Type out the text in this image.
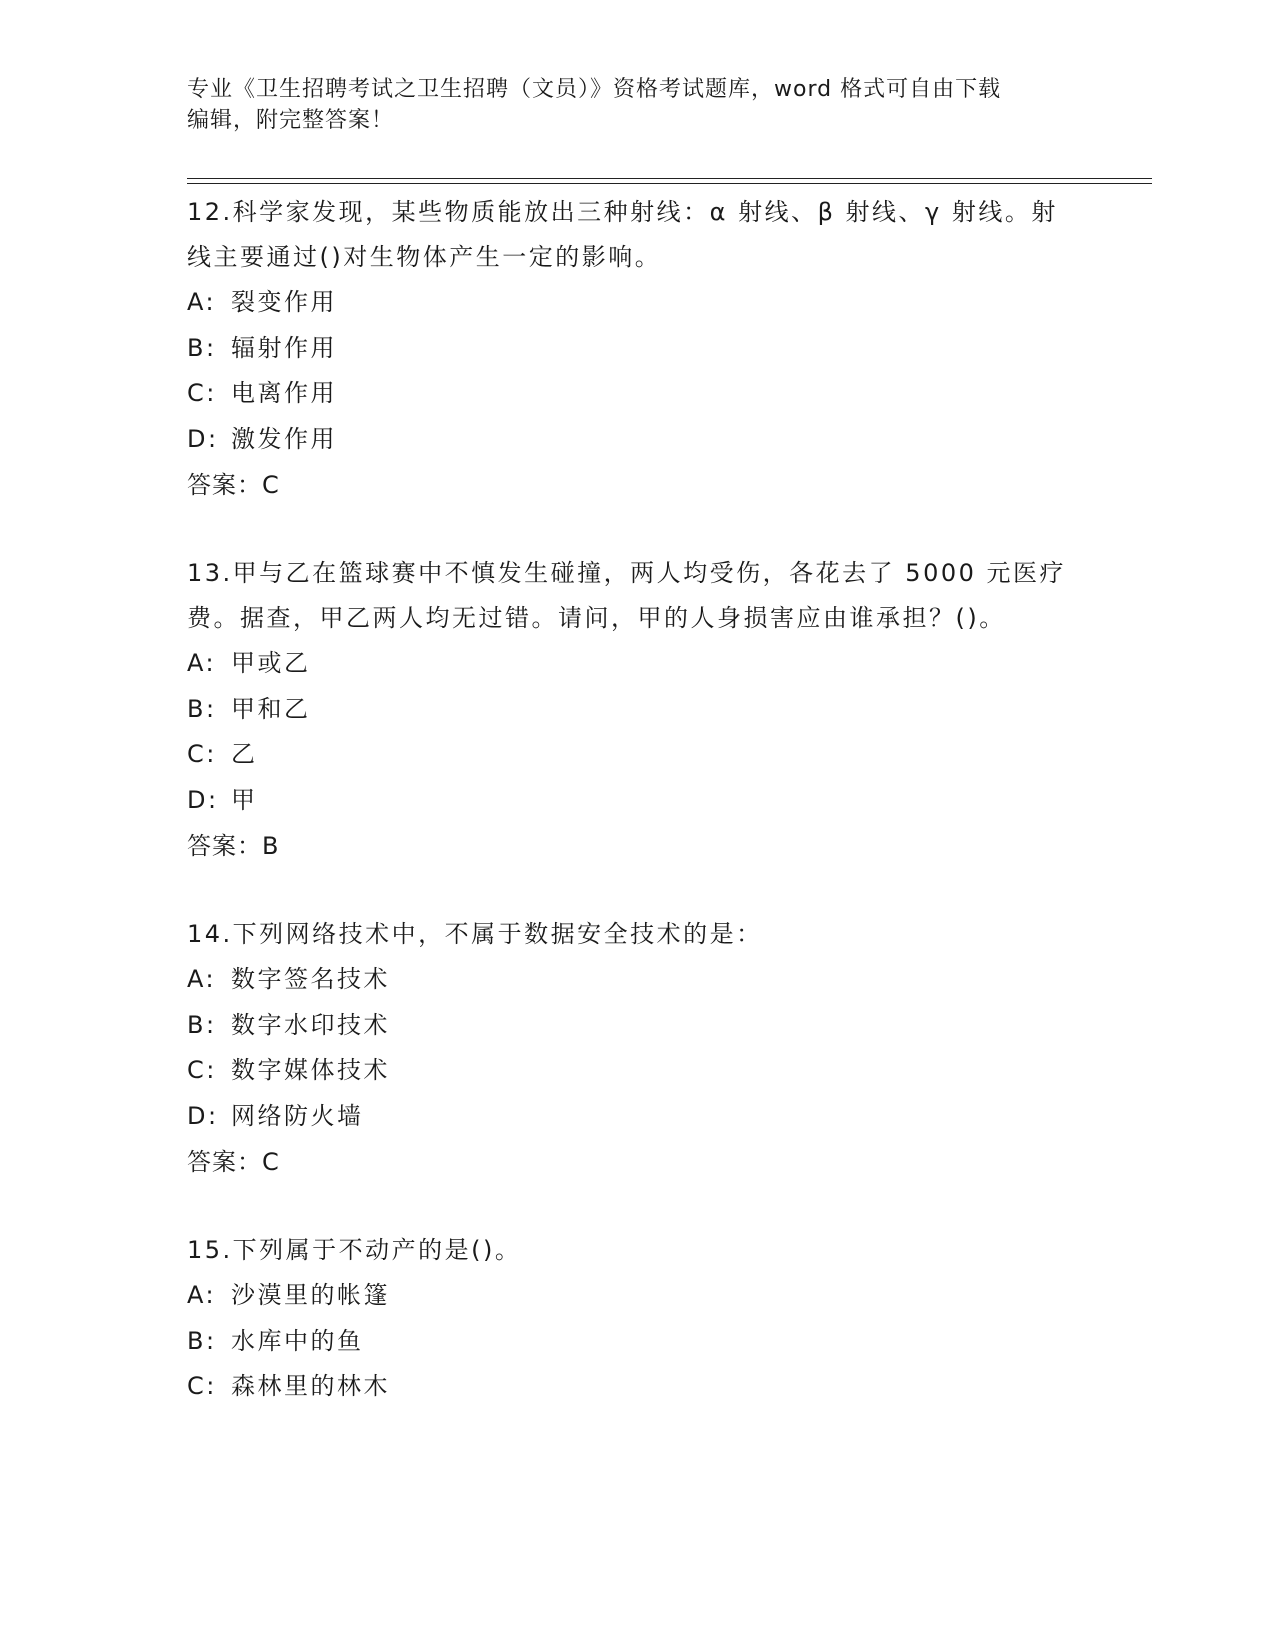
专业《卫生招聘考试之卫生招聘（文员）》资格考试题库，word 格式可自由下载
编辑，附完整答案！
12.科学家发现，某些物质能放出三种射线：α 射线、β 射线、γ 射线。射线主要通过()对生物体产生一定的影响。
A: 裂变作用
B: 辐射作用
C: 电离作用
D: 激发作用
答案：C
13.甲与乙在篮球赛中不慎发生碰撞，两人均受伤，各花去了 5000 元医疗费。据查，甲乙两人均无过错。请问，甲的人身损害应由谁承担？()。
A: 甲或乙
B: 甲和乙
C: 乙
D: 甲
答案：B
14.下列网络技术中，不属于数据安全技术的是：
A: 数字签名技术
B: 数字水印技术
C: 数字媒体技术
D: 网络防火墙
答案：C
15.下列属于不动产的是()。
A: 沙漠里的帐篷
B: 水库中的鱼
C: 森林里的林木
